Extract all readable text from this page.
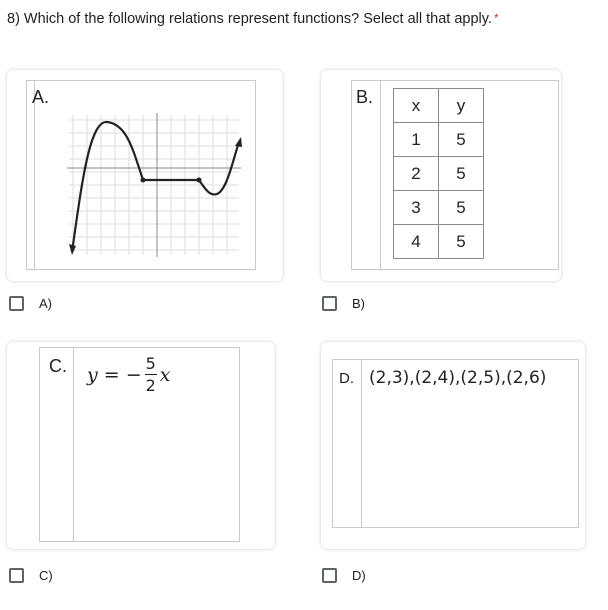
8) Which of the following relations represent functions? Select all that apply. *
A.	B. x	y
1	5
2	5
3	5
4	5
A)	B)
C. y = − $\frac{5}{2}$ x	D. (2,3),(2,4),(2,5),(2,6)
C)	D)
